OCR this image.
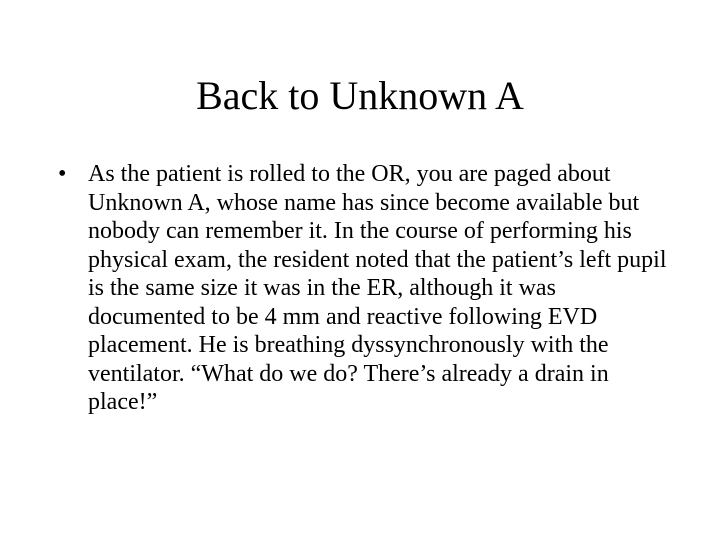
Back to Unknown A
• As the patient is rolled to the OR, you are paged about Unknown A, whose name has since become available but nobody can remember it. In the course of performing his physical exam, the resident noted that the patient’s left pupil is the same size it was in the ER, although it was documented to be 4 mm and reactive following EVD placement. He is breathing dyssynchronously with the ventilator. “What do we do? There’s already a drain in place!”
